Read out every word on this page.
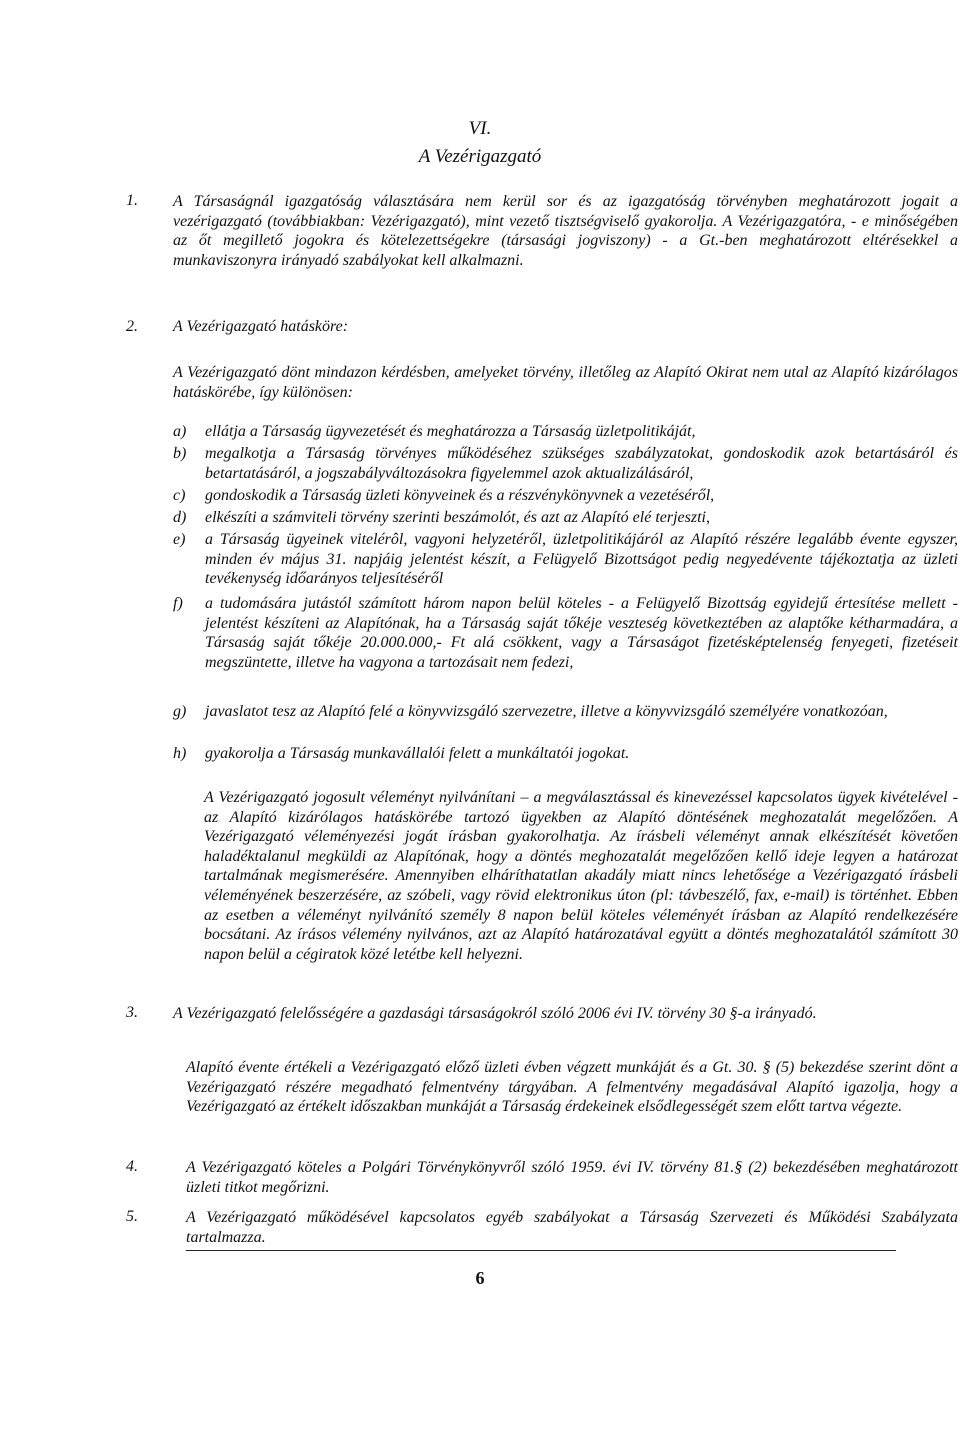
VI.
A Vezérigazgató
1. A Társaságnál igazgatóság választására nem kerül sor és az igazgatóság törvényben meghatározott jogait a vezérigazgató (továbbiakban: Vezérigazgató), mint vezető tisztségviselő gyakorolja. A Vezérigazgatóra, - e minőségében az őt megillető jogokra és kötelezettségekre (társasági jogviszony) - a Gt.-ben meghatározott eltérésekkel a munkaviszonyra irányadó szabályokat kell alkalmazni.
2. A Vezérigazgató hatásköre:
A Vezérigazgató dönt mindazon kérdésben, amelyeket törvény, illetőleg az Alapító Okirat nem utal az Alapító kizárólagos hatáskörébe, így különösen:
a)	ellátja a Társaság ügyvezetését és meghatározza a Társaság üzletpolitikáját,
b)	megalkotja a Társaság törvényes működéséhez szükséges szabályzatokat, gondoskodik azok betartásáról és betartatásáról, a jogszabályváltozásokra figyelemmel azok aktualizálásáról,
c)	gondoskodik a Társaság üzleti könyveinek és a részvénykönyvnek a vezetéséről,
d)	elkészíti a számviteli törvény szerinti beszámolót, és azt az Alapító elé terjeszti,
e)	a Társaság ügyeinek vitelérôl, vagyoni helyzetéről, üzletpolitikájáról az Alapító részére legalább évente egyszer, minden év május 31. napjáig jelentést készít, a Felügyelő Bizottságot pedig negyedévente tájékoztatja az üzleti tevékenység időarányos teljesítéséről
f)	a tudomására jutástól számított három napon belül köteles - a Felügyelő Bizottság egyidejű értesítése mellett - jelentést készíteni az Alapítónak, ha a Társaság saját tőkéje veszteség következtében az alaptőke kétharmadára, a Társaság saját tőkéje 20.000.000,- Ft alá csökkent, vagy a Társaságot fizetésképtelenség fenyegeti, fizetéseit megszüntette, illetve ha vagyona a tartozásait nem fedezi,
g)	javaslatot tesz az Alapító felé a könyvvizsgáló szervezetre, illetve a könyvvizsgáló személyére vonatkozóan,
h)	gyakorolja a Társaság munkavállalói felett a munkáltatói jogokat.
A Vezérigazgató jogosult véleményt nyilvánítani – a megválasztással és kinevezéssel kapcsolatos ügyek kivételével - az Alapító kizárólagos hatáskörébe tartozó ügyekben az Alapító döntésének meghozatalát megelőzően. A Vezérigazgató véleményezési jogát írásban gyakorolhatja. Az írásbeli véleményt annak elkészítését követően haladéktalanul megküldi az Alapítónak, hogy a döntés meghozatalát megelőzően kellő ideje legyen a határozat tartalmának megismerésére. Amennyiben elháríthatatlan akadály miatt nincs lehetősége a Vezérigazgató írásbeli véleményének beszerzésére, az szóbeli, vagy rövid elektronikus úton (pl: távbeszélő, fax, e-mail) is történhet. Ebben az esetben a véleményt nyilvánító személy 8 napon belül köteles véleményét írásban az Alapító rendelkezésére bocsátani. Az írásos vélemény nyilvános, azt az Alapító határozatával együtt a döntés meghozatalától számított 30 napon belül a cégiratok közé letétbe kell helyezni.
3. A Vezérigazgató felelősségére a gazdasági társaságokról szóló 2006 évi IV. törvény 30 §-a irányadó.
Alapító évente értékeli a Vezérigazgató előző üzleti évben végzett munkáját és a Gt. 30. § (5) bekezdése szerint dönt a Vezérigazgató részére megadható felmentvény tárgyában. A felmentvény megadásával Alapító igazolja, hogy a Vezérigazgató az értékelt időszakban munkáját a Társaság érdekeinek elsődlegességét szem előtt tartva végezte.
4.	A Vezérigazgató köteles a Polgári Törvénykönyvről szóló 1959. évi IV. törvény 81.§ (2) bekezdésében meghatározott üzleti titkot megőrizni.
5.	A Vezérigazgató működésével kapcsolatos egyéb szabályokat a Társaság Szervezeti és Működési Szabályzata tartalmazza.
6
